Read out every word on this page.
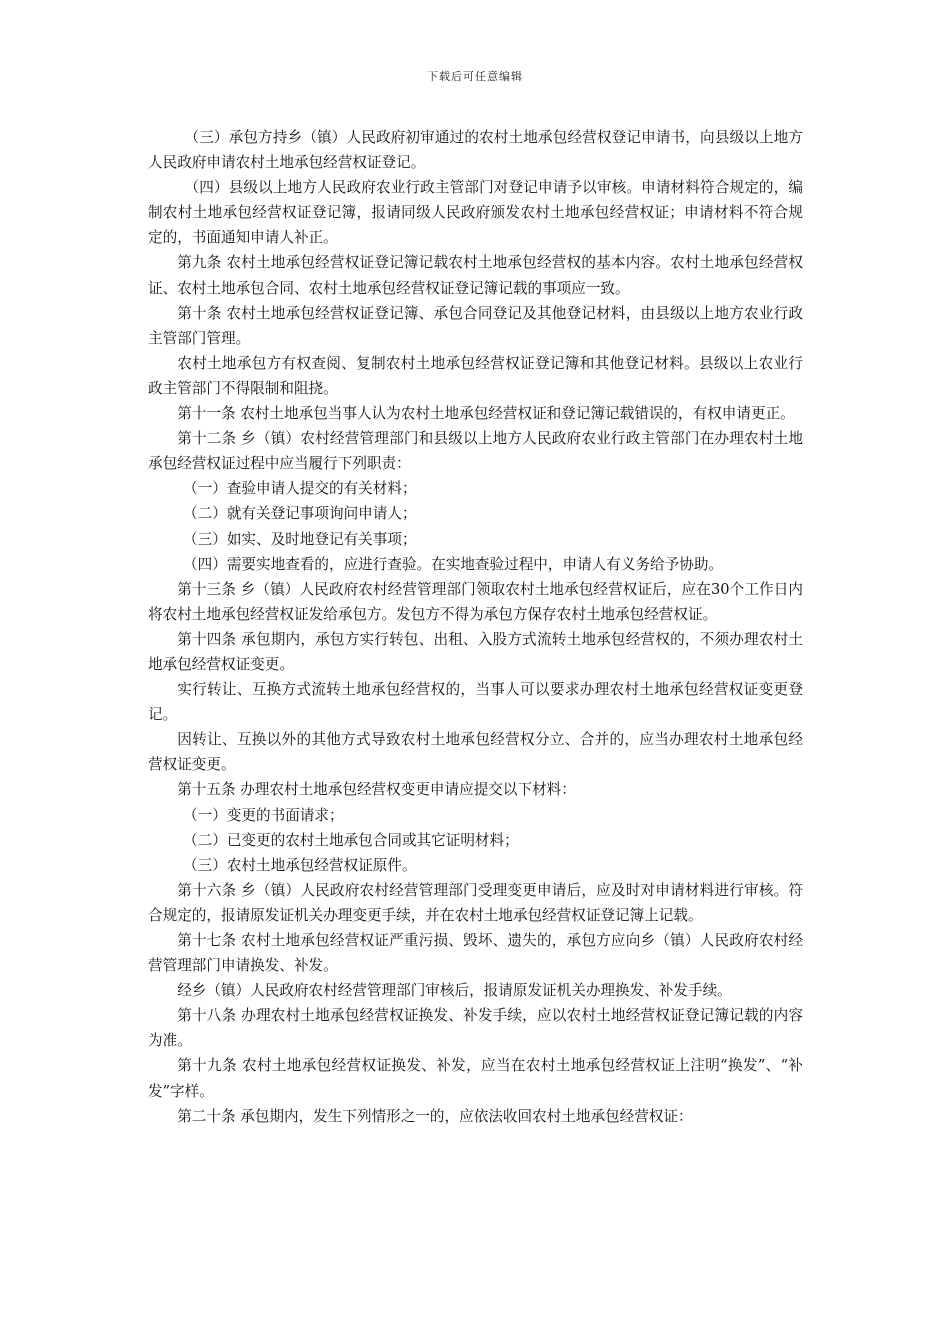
下载后可任意编辑

（三）承包方持乡（镇）人民政府初审通过的农村土地承包经营权登记申请书，向县级以上地方人民政府申请农村土地承包经营权证登记。

（四）县级以上地方人民政府农业行政主管部门对登记申请予以审核。申请材料符合规定的，编制农村土地承包经营权证登记簿，报请同级人民政府颁发农村土地承包经营权证；申请材料不符合规定的，书面通知申请人补正。

第九条 农村土地承包经营权证登记簿记载农村土地承包经营权的基本内容。农村土地承包经营权证、农村土地承包合同、农村土地承包经营权证登记簿记载的事项应一致。

第十条 农村土地承包经营权证登记簿、承包合同登记及其他登记材料，由县级以上地方农业行政主管部门管理。

农村土地承包方有权查阅、复制农村土地承包经营权证登记簿和其他登记材料。县级以上农业行政主管部门不得限制和阻挠。

第十一条 农村土地承包当事人认为农村土地承包经营权证和登记簿记载错误的，有权申请更正。

第十二条 乡（镇）农村经营管理部门和县级以上地方人民政府农业行政主管部门在办理农村土地承包经营权证过程中应当履行下列职责：

（一）查验申请人提交的有关材料；

（二）就有关登记事项询问申请人；

（三）如实、及时地登记有关事项；

（四）需要实地查看的，应进行查验。在实地查验过程中，申请人有义务给予协助。

第十三条 乡（镇）人民政府农村经营管理部门领取农村土地承包经营权证后，应在30个工作日内将农村土地承包经营权证发给承包方。发包方不得为承包方保存农村土地承包经营权证。

第十四条 承包期内，承包方实行转包、出租、入股方式流转土地承包经营权的，不须办理农村土地承包经营权证变更。

实行转让、互换方式流转土地承包经营权的，当事人可以要求办理农村土地承包经营权证变更登记。

因转让、互换以外的其他方式导致农村土地承包经营权分立、合并的，应当办理农村土地承包经营权证变更。

第十五条 办理农村土地承包经营权变更申请应提交以下材料：

（一）变更的书面请求；

（二）已变更的农村土地承包合同或其它证明材料；

（三）农村土地承包经营权证原件。

第十六条 乡（镇）人民政府农村经营管理部门受理变更申请后，应及时对申请材料进行审核。符合规定的，报请原发证机关办理变更手续，并在农村土地承包经营权证登记簿上记载。

第十七条 农村土地承包经营权证严重污损、毁坏、遗失的，承包方应向乡（镇）人民政府农村经营管理部门申请换发、补发。

经乡（镇）人民政府农村经营管理部门审核后，报请原发证机关办理换发、补发手续。

第十八条 办理农村土地承包经营权证换发、补发手续，应以农村土地经营权证登记簿记载的内容为准。

第十九条 农村土地承包经营权证换发、补发，应当在农村土地承包经营权证上注明“换发”、“补发”字样。

第二十条 承包期内，发生下列情形之一的，应依法收回农村土地承包经营权证：
